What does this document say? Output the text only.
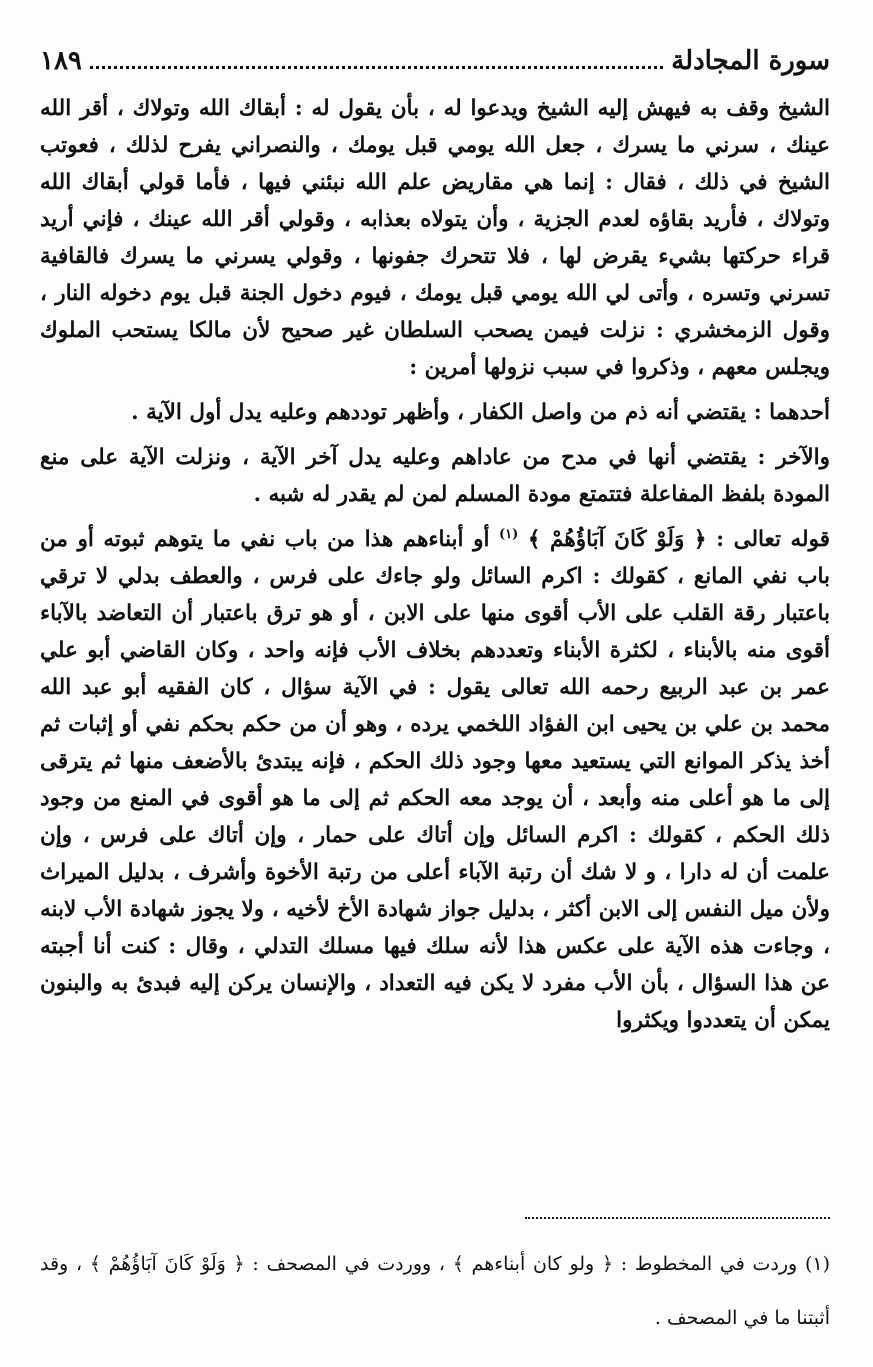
سورة المجادلة
١٨٩

الشيخ وقف به فيهش إليه الشيخ ويدعوا له ، بأن يقول له : أبقاك الله وتولاك ، أقر الله عينك ، سرني ما يسرك ، جعل الله يومي قبل يومك ، والنصراني يفرح لذلك ، فعوتب الشيخ في ذلك ، فقال : إنما هي مقاريض علم الله نبئني فيها ، فأما قولي أبقاك الله وتولاك ، فأريد بقاؤه لعدم الجزية ، وأن يتولاه بعذابه ، وقولي أقر الله عينك ، فإني أريد قراء حركتها بشيء يقرض لها ، فلا تتحرك جفونها ، وقولي يسرني ما يسرك فالقافية تسرني وتسره ، وأتى لي الله يومي قبل يومك ، فيوم دخول الجنة قبل يوم دخوله النار ، وقول الزمخشري : نزلت فيمن يصحب السلطان غير صحيح لأن مالكا يستحب الملوك ويجلس معهم ، وذكروا في سبب نزولها أمرين :

أحدهما : يقتضي أنه ذم من واصل الكفار ، وأظهر توددهم وعليه يدل أول الآية .

والآخر : يقتضي أنها في مدح من عاداهم وعليه يدل آخر الآية ، ونزلت الآية على منع المودة بلفظ المفاعلة فتتمتع مودة المسلم لمن لم يقدر له شبه .

قوله تعالى : ﴿ وَلَوْ كَانَ آبَاؤُهُمْ ﴾ $^{(١)}$ أو أبناءهم هذا من باب نفي ما يتوهم ثبوته أو من باب نفي المانع ، كقولك : اكرم السائل ولو جاءك على فرس ، والعطف بدلي لا ترقي باعتبار رقة القلب على الأب أقوى منها على الابن ، أو هو ترق باعتبار أن التعاضد بالآباء أقوى منه بالأبناء ، لكثرة الأبناء وتعددهم بخلاف الأب فإنه واحد ، وكان القاضي أبو علي عمر بن عبد الربيع رحمه الله تعالى يقول : في الآية سؤال ، كان الفقيه أبو عبد الله محمد بن علي بن يحيى ابن الفؤاد اللخمي يرده ، وهو أن من حكم بحكم نفي أو إثبات ثم أخذ يذكر الموانع التي يستعيد معها وجود ذلك الحكم ، فإنه يبتدئ بالأضعف منها ثم يترقى إلى ما هو أعلى منه وأبعد ، أن يوجد معه الحكم ثم إلى ما هو أقوى في المنع من وجود ذلك الحكم ، كقولك : اكرم السائل وإن أتاك على حمار ، وإن أتاك على فرس ، وإن علمت أن له دارا ، و لا شك أن رتبة الآباء أعلى من رتبة الأخوة وأشرف ، بدليل الميراث ولأن ميل النفس إلى الابن أكثر ، بدليل جواز شهادة الأخ لأخيه ، ولا يجوز شهادة الأب لابنه ، وجاءت هذه الآية على عكس هذا لأنه سلك فيها مسلك التدلي ، وقال : كنت أنا أجبته عن هذا السؤال ، بأن الأب مفرد لا يكن فيه التعداد ، والإنسان يركن إليه فبدئ به والبنون يمكن أن يتعددوا ويكثروا

(١) وردت في المخطوط : ﴿ ولو كان أبناءهم ﴾ ، ووردت في المصحف : ﴿ وَلَوْ كَانَ آبَاؤُهُمْ ﴾ ، وقد أثبتنا ما في المصحف .
